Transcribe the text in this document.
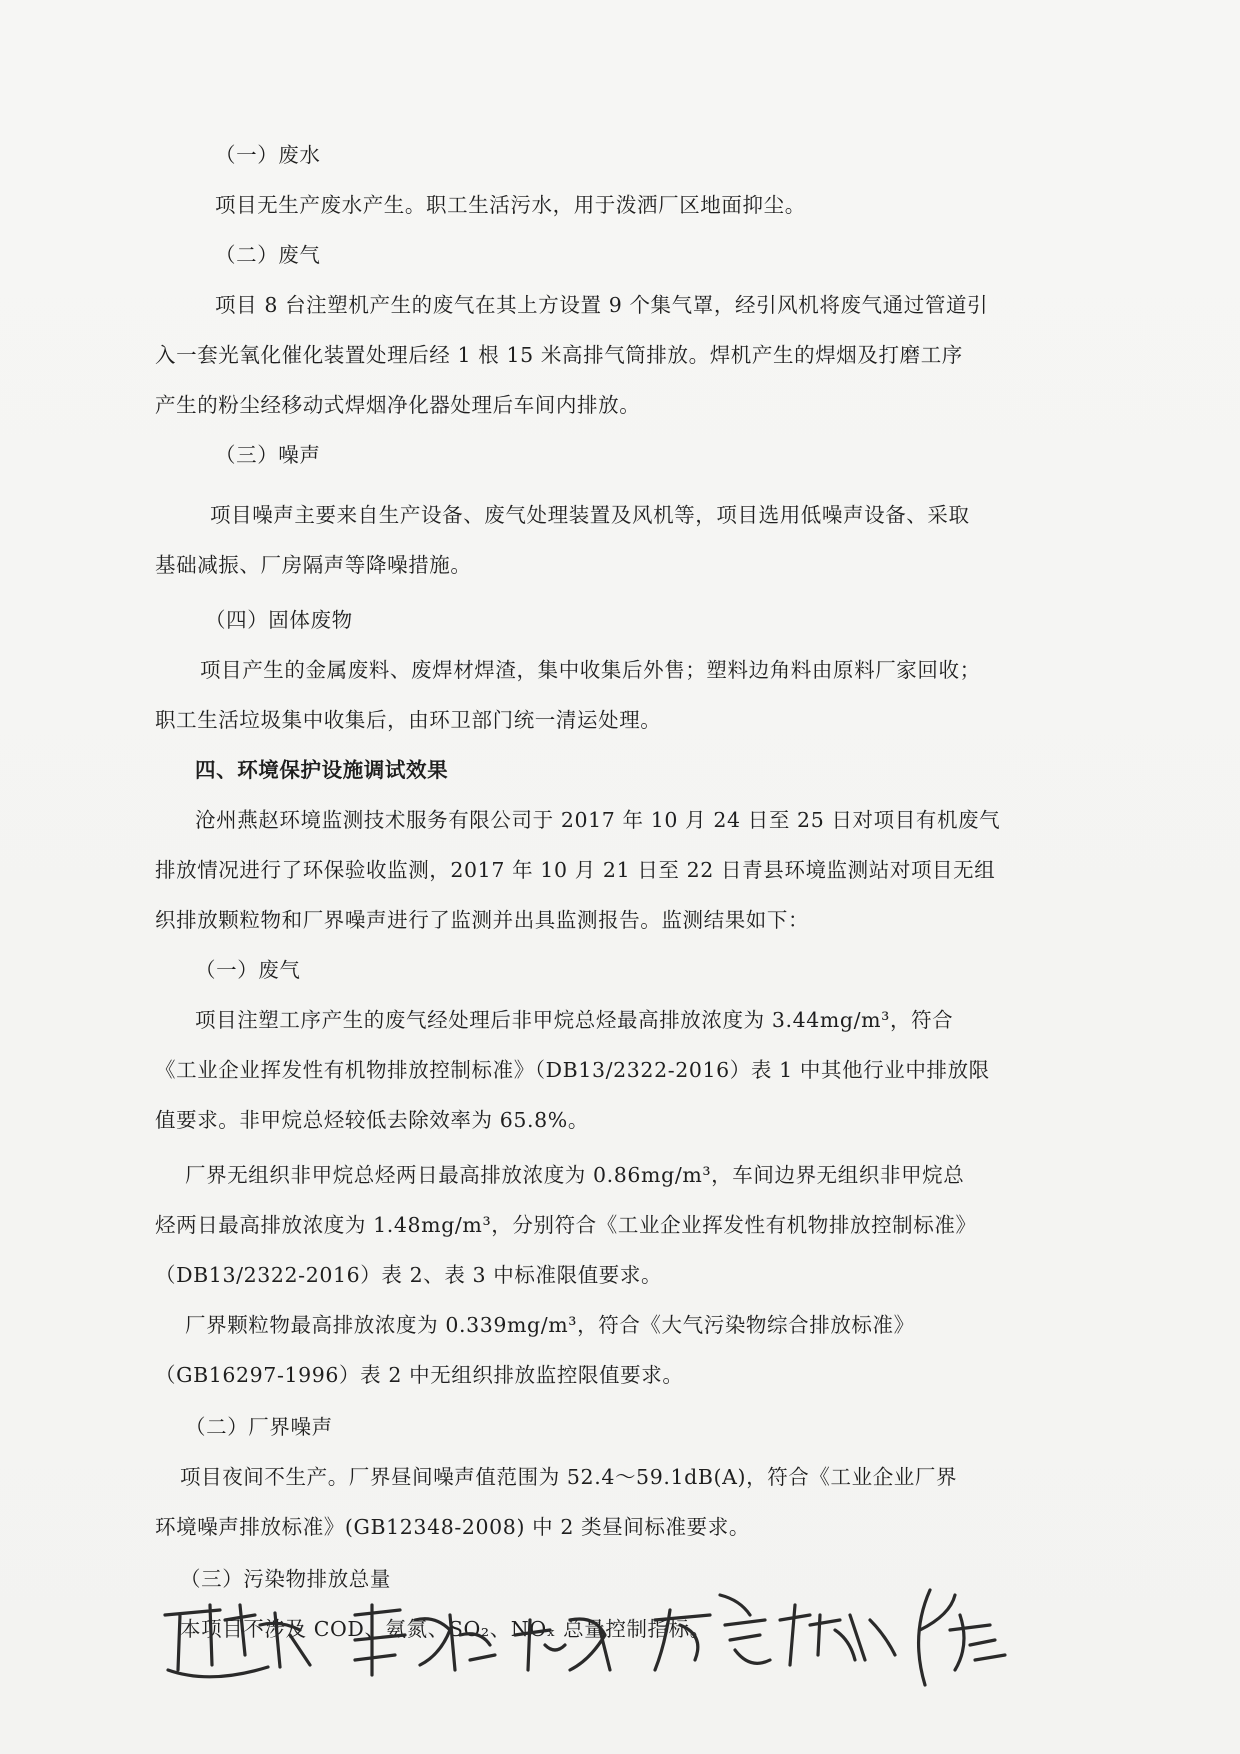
（一）废水
项目无生产废水产生。职工生活污水，用于泼洒厂区地面抑尘。
（二）废气
项目 8 台注塑机产生的废气在其上方设置 9 个集气罩，经引风机将废气通过管道引
入一套光氧化催化装置处理后经 1 根 15 米高排气筒排放。焊机产生的焊烟及打磨工序
产生的粉尘经移动式焊烟净化器处理后车间内排放。
（三）噪声
项目噪声主要来自生产设备、废气处理装置及风机等，项目选用低噪声设备、采取
基础减振、厂房隔声等降噪措施。
（四）固体废物
项目产生的金属废料、废焊材焊渣，集中收集后外售；塑料边角料由原料厂家回收；
职工生活垃圾集中收集后，由环卫部门统一清运处理。
四、环境保护设施调试效果
沧州燕赵环境监测技术服务有限公司于 2017 年 10 月 24 日至 25 日对项目有机废气
排放情况进行了环保验收监测，2017 年 10 月 21 日至 22 日青县环境监测站对项目无组
织排放颗粒物和厂界噪声进行了监测并出具监测报告。监测结果如下：
（一）废气
项目注塑工序产生的废气经处理后非甲烷总烃最高排放浓度为 3.44mg/m³，符合
《工业企业挥发性有机物排放控制标准》（DB13/2322-2016）表 1 中其他行业中排放限
值要求。非甲烷总烃较低去除效率为 65.8%。
厂界无组织非甲烷总烃两日最高排放浓度为 0.86mg/m³，车间边界无组织非甲烷总
烃两日最高排放浓度为 1.48mg/m³，分别符合《工业企业挥发性有机物排放控制标准》
（DB13/2322-2016）表 2、表 3 中标准限值要求。
厂界颗粒物最高排放浓度为 0.339mg/m³，符合《大气污染物综合排放标准》
（GB16297-1996）表 2 中无组织排放监控限值要求。
（二）厂界噪声
项目夜间不生产。厂界昼间噪声值范围为 52.4～59.1dB(A)，符合《工业企业厂界
环境噪声排放标准》(GB12348-2008) 中 2 类昼间标准要求。
（三）污染物排放总量
本项目不涉及 COD、氨氮、SO₂、NOₓ 总量控制指标。
